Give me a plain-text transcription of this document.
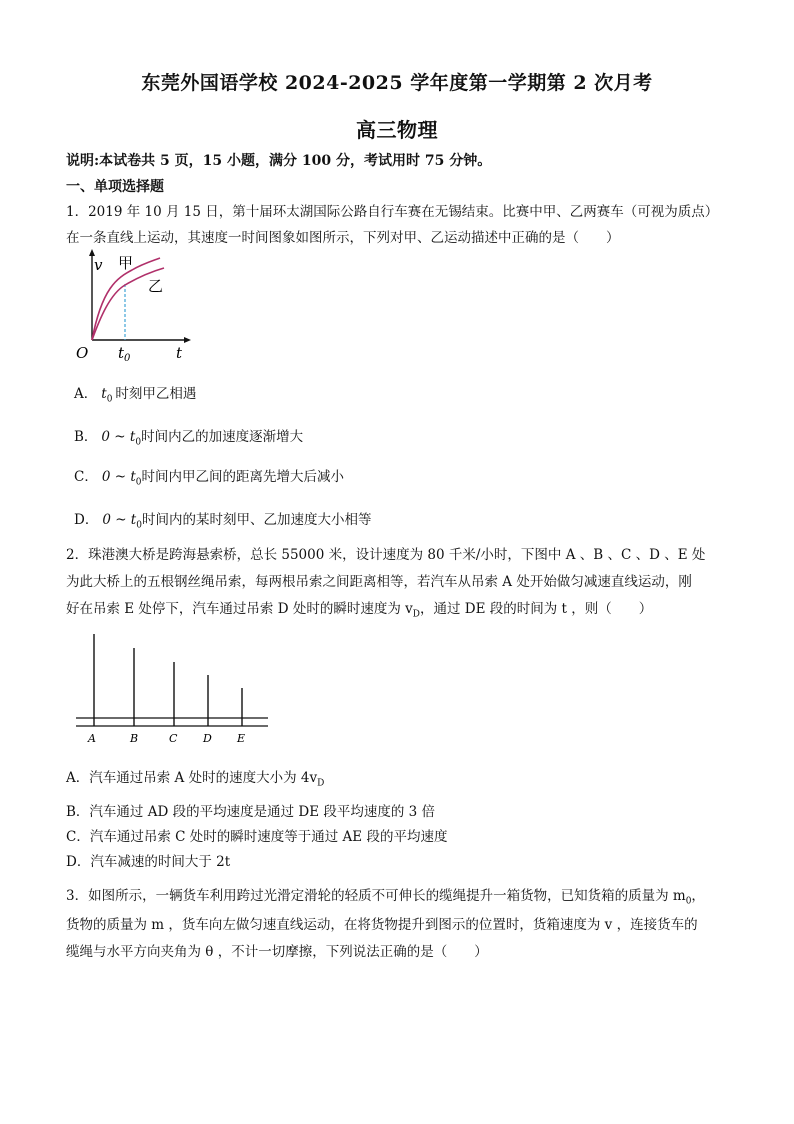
东莞外国语学校 2024-2025 学年度第一学期第 2 次月考
高三物理
说明:本试卷共 5 页，15 小题，满分 100 分，考试用时 75 分钟。
一、单项选择题
1．2019 年 10 月 15 日，第十届环太湖国际公路自行车赛在无锡结束。比赛中甲、乙两赛车（可视为质点）
在一条直线上运动，其速度一时间图象如图所示，下列对甲、乙运动描述中正确的是（　　）
v
t
O $t_0$
甲
乙
A． $t_0$ 时刻甲乙相遇
B． 0 ~ $t_0$时间内乙的加速度逐渐增大
C． 0 ~ $t_0$时间内甲乙间的距离先增大后减小
D． 0 ~ $t_0$时间内的某时刻甲、乙加速度大小相等
2．珠港澳大桥是跨海悬索桥，总长 55000 米，设计速度为 80 千米/小时，下图中 A 、B 、C 、D 、E 处
为此大桥上的五根钢丝绳吊索，每两根吊索之间距离相等，若汽车从吊索 A 处开始做匀减速直线运动，刚
好在吊索 E 处停下，汽车通过吊索 D 处时的瞬时速度为 $v_D$，通过 DE 段的时间为 t ，则（　　）
A	B	C D E
A．汽车通过吊索 A 处时的速度大小为 $4v_D$
B．汽车通过 AD 段的平均速度是通过 DE 段平均速度的 3 倍
C．汽车通过吊索 C 处时的瞬时速度等于通过 AE 段的平均速度
D．汽车减速的时间大于 2t
3．如图所示，一辆货车利用跨过光滑定滑轮的轻质不可伸长的缆绳提升一箱货物，已知货箱的质量为 $m_0$，
货物的质量为 m ，货车向左做匀速直线运动，在将货物提升到图示的位置时，货箱速度为 v ，连接货车的
缆绳与水平方向夹角为 θ ，不计一切摩擦，下列说法正确的是（　　）
